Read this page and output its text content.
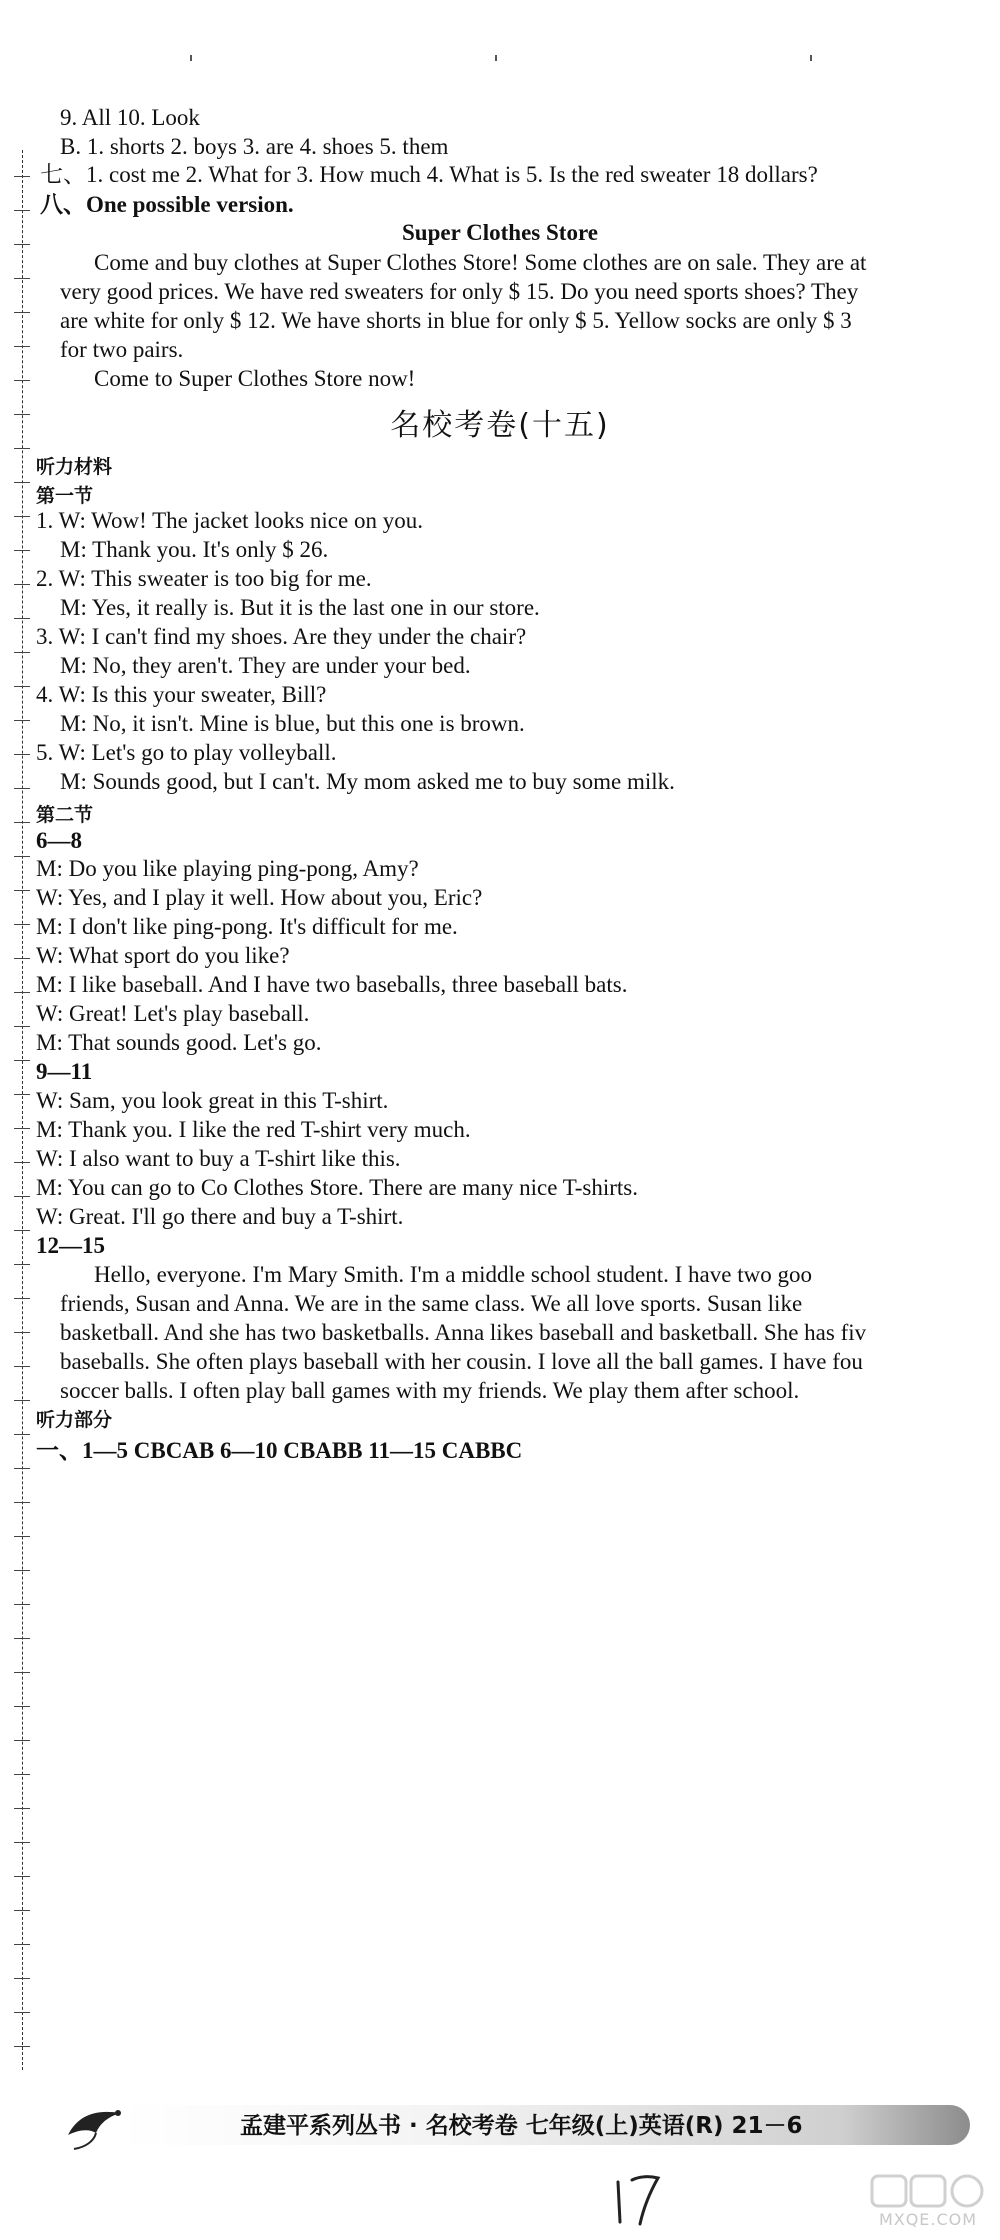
9. All 10. Look
B. 1. shorts 2. boys 3. are 4. shoes 5. them
七、1. cost me 2. What for 3. How much 4. What is 5. Is the red sweater 18 dollars?
八、One possible version.
Super Clothes Store
Come and buy clothes at Super Clothes Store! Some clothes are on sale. They are at
very good prices. We have red sweaters for only $ 15. Do you need sports shoes? They
are white for only $ 12. We have shorts in blue for only $ 5. Yellow socks are only $ 3
for two pairs.
Come to Super Clothes Store now!
名校考卷(十五)
听力材料
第一节
1. W: Wow! The jacket looks nice on you.
M: Thank you. It's only $ 26.
2. W: This sweater is too big for me.
M: Yes, it really is. But it is the last one in our store.
3. W: I can't find my shoes. Are they under the chair?
M: No, they aren't. They are under your bed.
4. W: Is this your sweater, Bill?
M: No, it isn't. Mine is blue, but this one is brown.
5. W: Let's go to play volleyball.
M: Sounds good, but I can't. My mom asked me to buy some milk.
第二节
6—8
M: Do you like playing ping-pong, Amy?
W: Yes, and I play it well. How about you, Eric?
M: I don't like ping-pong. It's difficult for me.
W: What sport do you like?
M: I like baseball. And I have two baseballs, three baseball bats.
W: Great! Let's play baseball.
M: That sounds good. Let's go.
9—11
W: Sam, you look great in this T-shirt.
M: Thank you. I like the red T-shirt very much.
W: I also want to buy a T-shirt like this.
M: You can go to Co Clothes Store. There are many nice T-shirts.
W: Great. I'll go there and buy a T-shirt.
12—15
Hello, everyone. I'm Mary Smith. I'm a middle school student. I have two goo
friends, Susan and Anna. We are in the same class. We all love sports. Susan like
basketball. And she has two basketballs. Anna likes baseball and basketball. She has fiv
baseballs. She often plays baseball with her cousin. I love all the ball games. I have fou
soccer balls. I often play ball games with my friends. We play them after school.
听力部分
一、1—5 CBCAB 6—10 CBABB 11—15 CABBC
孟建平系列丛书 · 名校考卷 七年级(上)英语(R) 21－6
MXQE.COM
